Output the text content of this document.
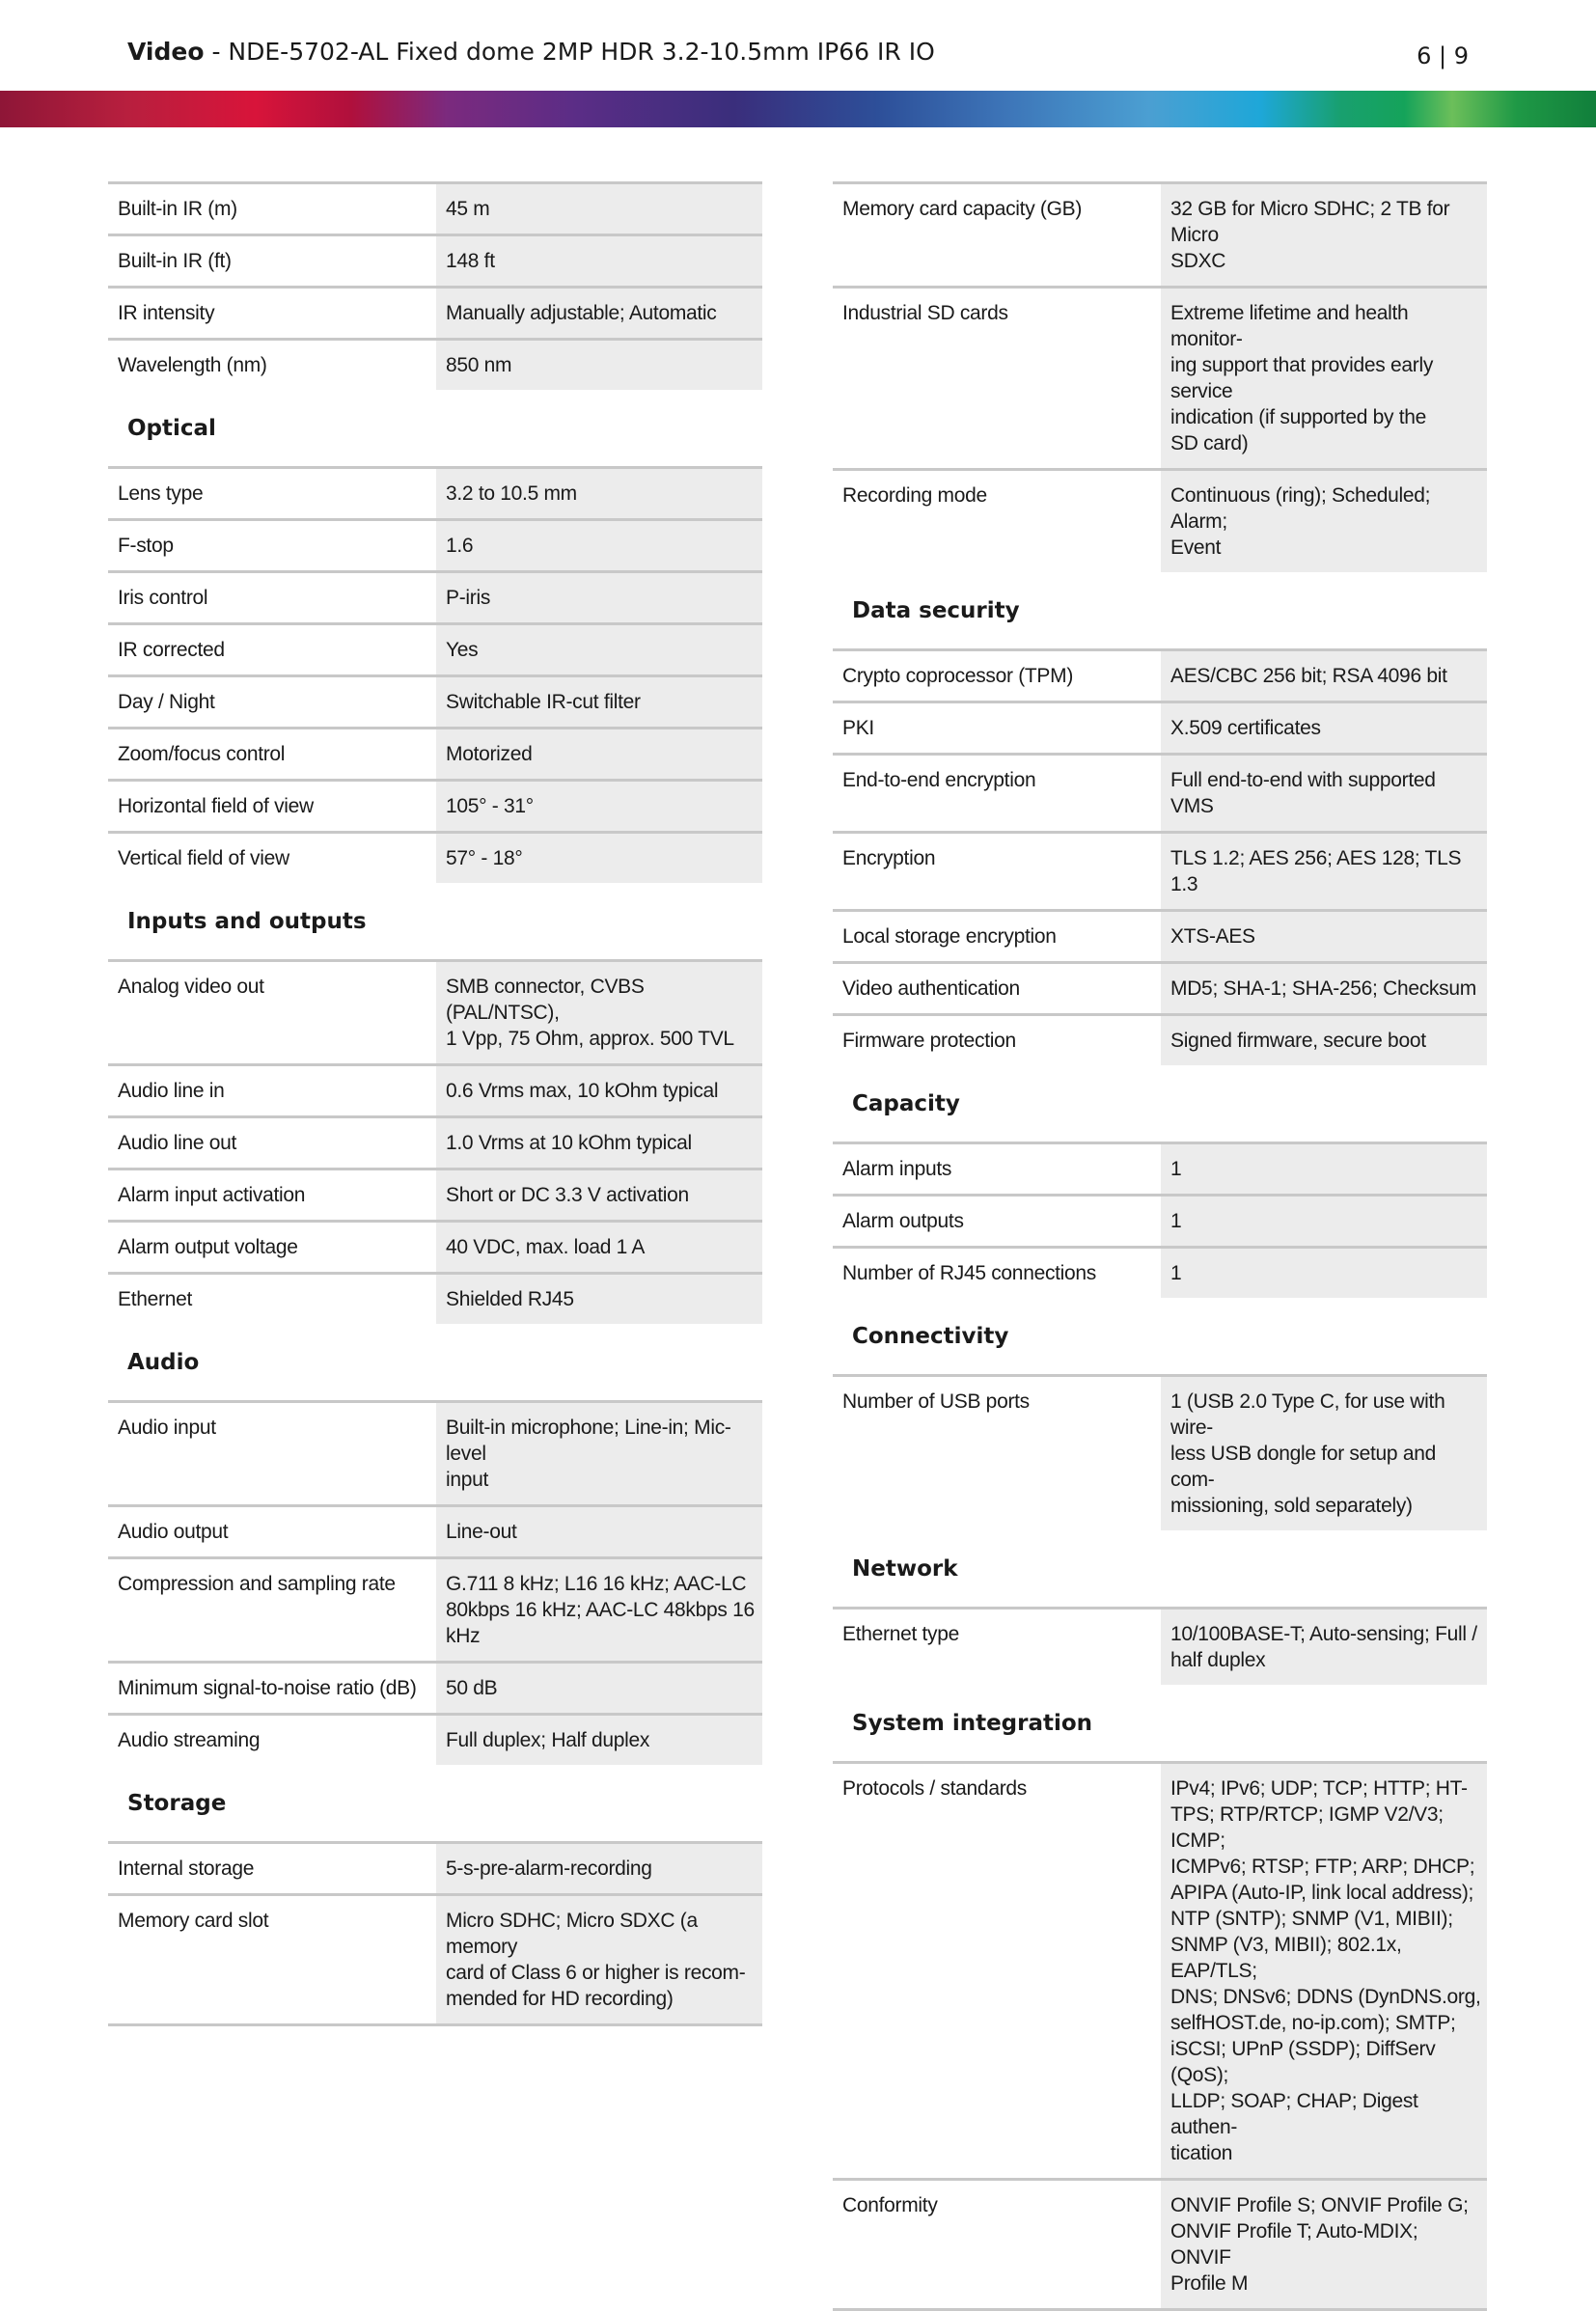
Video - NDE-5702-AL Fixed dome 2MP HDR 3.2-10.5mm IP66 IR IO	6 | 9
Built-in IR (m)	45 m
Built-in IR (ft)	148 ft
IR intensity	Manually adjustable; Automatic
Wavelength (nm)	850 nm
Optical
Lens type	3.2 to 10.5 mm
F-stop	1.6
Iris control	P-iris
IR corrected	Yes
Day / Night	Switchable IR-cut filter
Zoom/focus control	Motorized
Horizontal field of view	105° - 31°
Vertical field of view	57° - 18°
Inputs and outputs
Analog video out	SMB connector, CVBS (PAL/NTSC),
1 Vpp, 75 Ohm, approx. 500 TVL
Audio line in	0.6 Vrms max, 10 kOhm typical
Audio line out	1.0 Vrms at 10 kOhm typical
Alarm input activation	Short or DC 3.3 V activation
Alarm output voltage	40 VDC, max. load 1 A
Ethernet	Shielded RJ45
Audio
Audio input	Built-in microphone; Line-in; Mic-level
input
Audio output	Line-out
Compression and sampling rate	G.711 8 kHz; L16 16 kHz; AAC-LC
80kbps 16 kHz; AAC-LC 48kbps 16
kHz
Minimum signal-to-noise ratio (dB)	50 dB
Audio streaming	Full duplex; Half duplex
Storage
Internal storage	5-s-pre-alarm-recording
Memory card slot	Micro SDHC; Micro SDXC (a memory
card of Class 6 or higher is recom-
mended for HD recording)
Memory card capacity (GB)	32 GB for Micro SDHC; 2 TB for Micro
SDXC
Industrial SD cards	Extreme lifetime and health monitor-
ing support that provides early service
indication (if supported by the
SD card)
Recording mode	Continuous (ring); Scheduled; Alarm;
Event
Data security
Crypto coprocessor (TPM)	AES/CBC 256 bit; RSA 4096 bit
PKI	X.509 certificates
End-to-end encryption	Full end-to-end with supported VMS
Encryption	TLS 1.2; AES 256; AES 128; TLS 1.3
Local storage encryption	XTS-AES
Video authentication	MD5; SHA-1; SHA-256; Checksum
Firmware protection	Signed firmware, secure boot
Capacity
Alarm inputs	1
Alarm outputs	1
Number of RJ45 connections	1
Connectivity
Number of USB ports	1 (USB 2.0 Type C, for use with wire-
less USB dongle for setup and com-
missioning, sold separately)
Network
Ethernet type	10/100BASE-T; Auto-sensing; Full /
half duplex
System integration
Protocols / standards	IPv4; IPv6; UDP; TCP; HTTP; HT-
TPS; RTP/RTCP; IGMP V2/V3; ICMP;
ICMPv6; RTSP; FTP; ARP; DHCP;
APIPA (Auto-IP, link local address);
NTP (SNTP); SNMP (V1, MIBII);
SNMP (V3, MIBII); 802.1x, EAP/TLS;
DNS; DNSv6; DDNS (DynDNS.org,
selfHOST.de, no-ip.com); SMTP;
iSCSI; UPnP (SSDP); DiffServ (QoS);
LLDP; SOAP; CHAP; Digest authen-
tication
Conformity	ONVIF Profile S; ONVIF Profile G;
ONVIF Profile T; Auto-MDIX; ONVIF
Profile M
